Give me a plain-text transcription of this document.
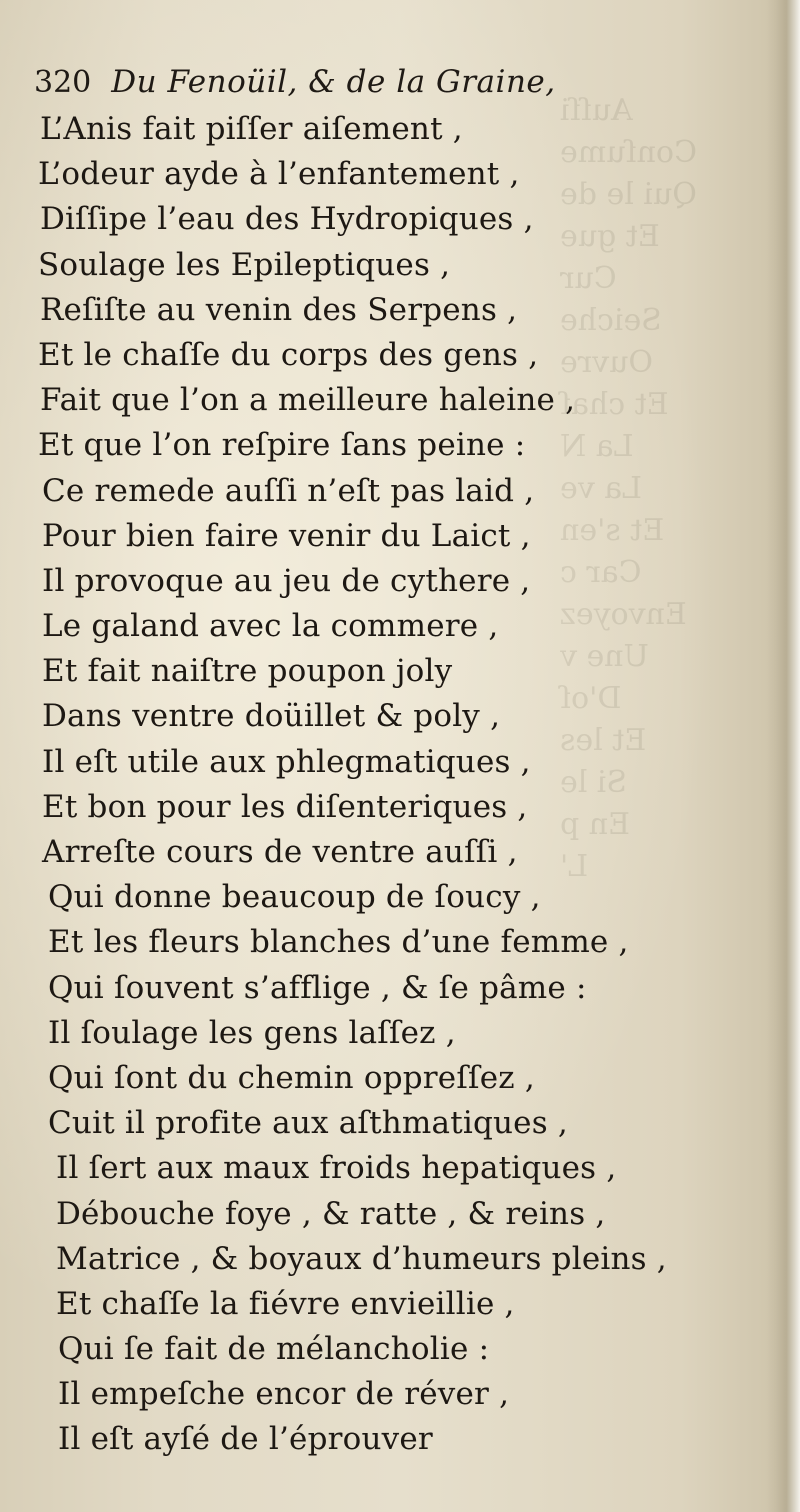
Auſſi
Conſume
Qui le de
Et gue
Cur
Seiche
Ouvre
Et chaſ
La N
La ve
Et s'en
Car c
Envoyez
Une v
D'oſ
Et les
Si le
En p
L'
320 Du Fenoüil, & de la Graine,
L’Anis fait piſſer aiſement ,
L’odeur ayde à l’enfantement ,
Diſſipe l’eau des Hydropiques ,
Soulage les Epileptiques ,
Reſiſte au venin des Serpens ,
Et le chaſſe du corps des gens ,
Fait que l’on a meilleure haleine ,
Et que l’on reſpire ſans peine :
Ce remede auſſi n’eſt pas laid ,
Pour bien faire venir du Laict ,
Il provoque au jeu de cythere ,
Le galand avec la commere ,
Et fait naiſtre poupon joly
Dans ventre doüillet & poly ,
Il eſt utile aux phlegmatiques ,
Et bon pour les diſenteriques ,
Arreſte cours de ventre auſſi ,
Qui donne beaucoup de ſoucy ,
Et les fleurs blanches d’une femme ,
Qui ſouvent s’afflige , & ſe pâme :
Il ſoulage les gens laſſez ,
Qui ſont du chemin oppreſſez ,
Cuit il profite aux aſthmatiques ,
Il ſert aux maux froids hepatiques ,
Débouche foye , & ratte , & reins ,
Matrice , & boyaux d’humeurs pleins ,
Et chaſſe la fiévre envieillie ,
Qui ſe fait de mélancholie :
Il empeſche encor de réver ,
Il eſt ayſé de l’éprouver
